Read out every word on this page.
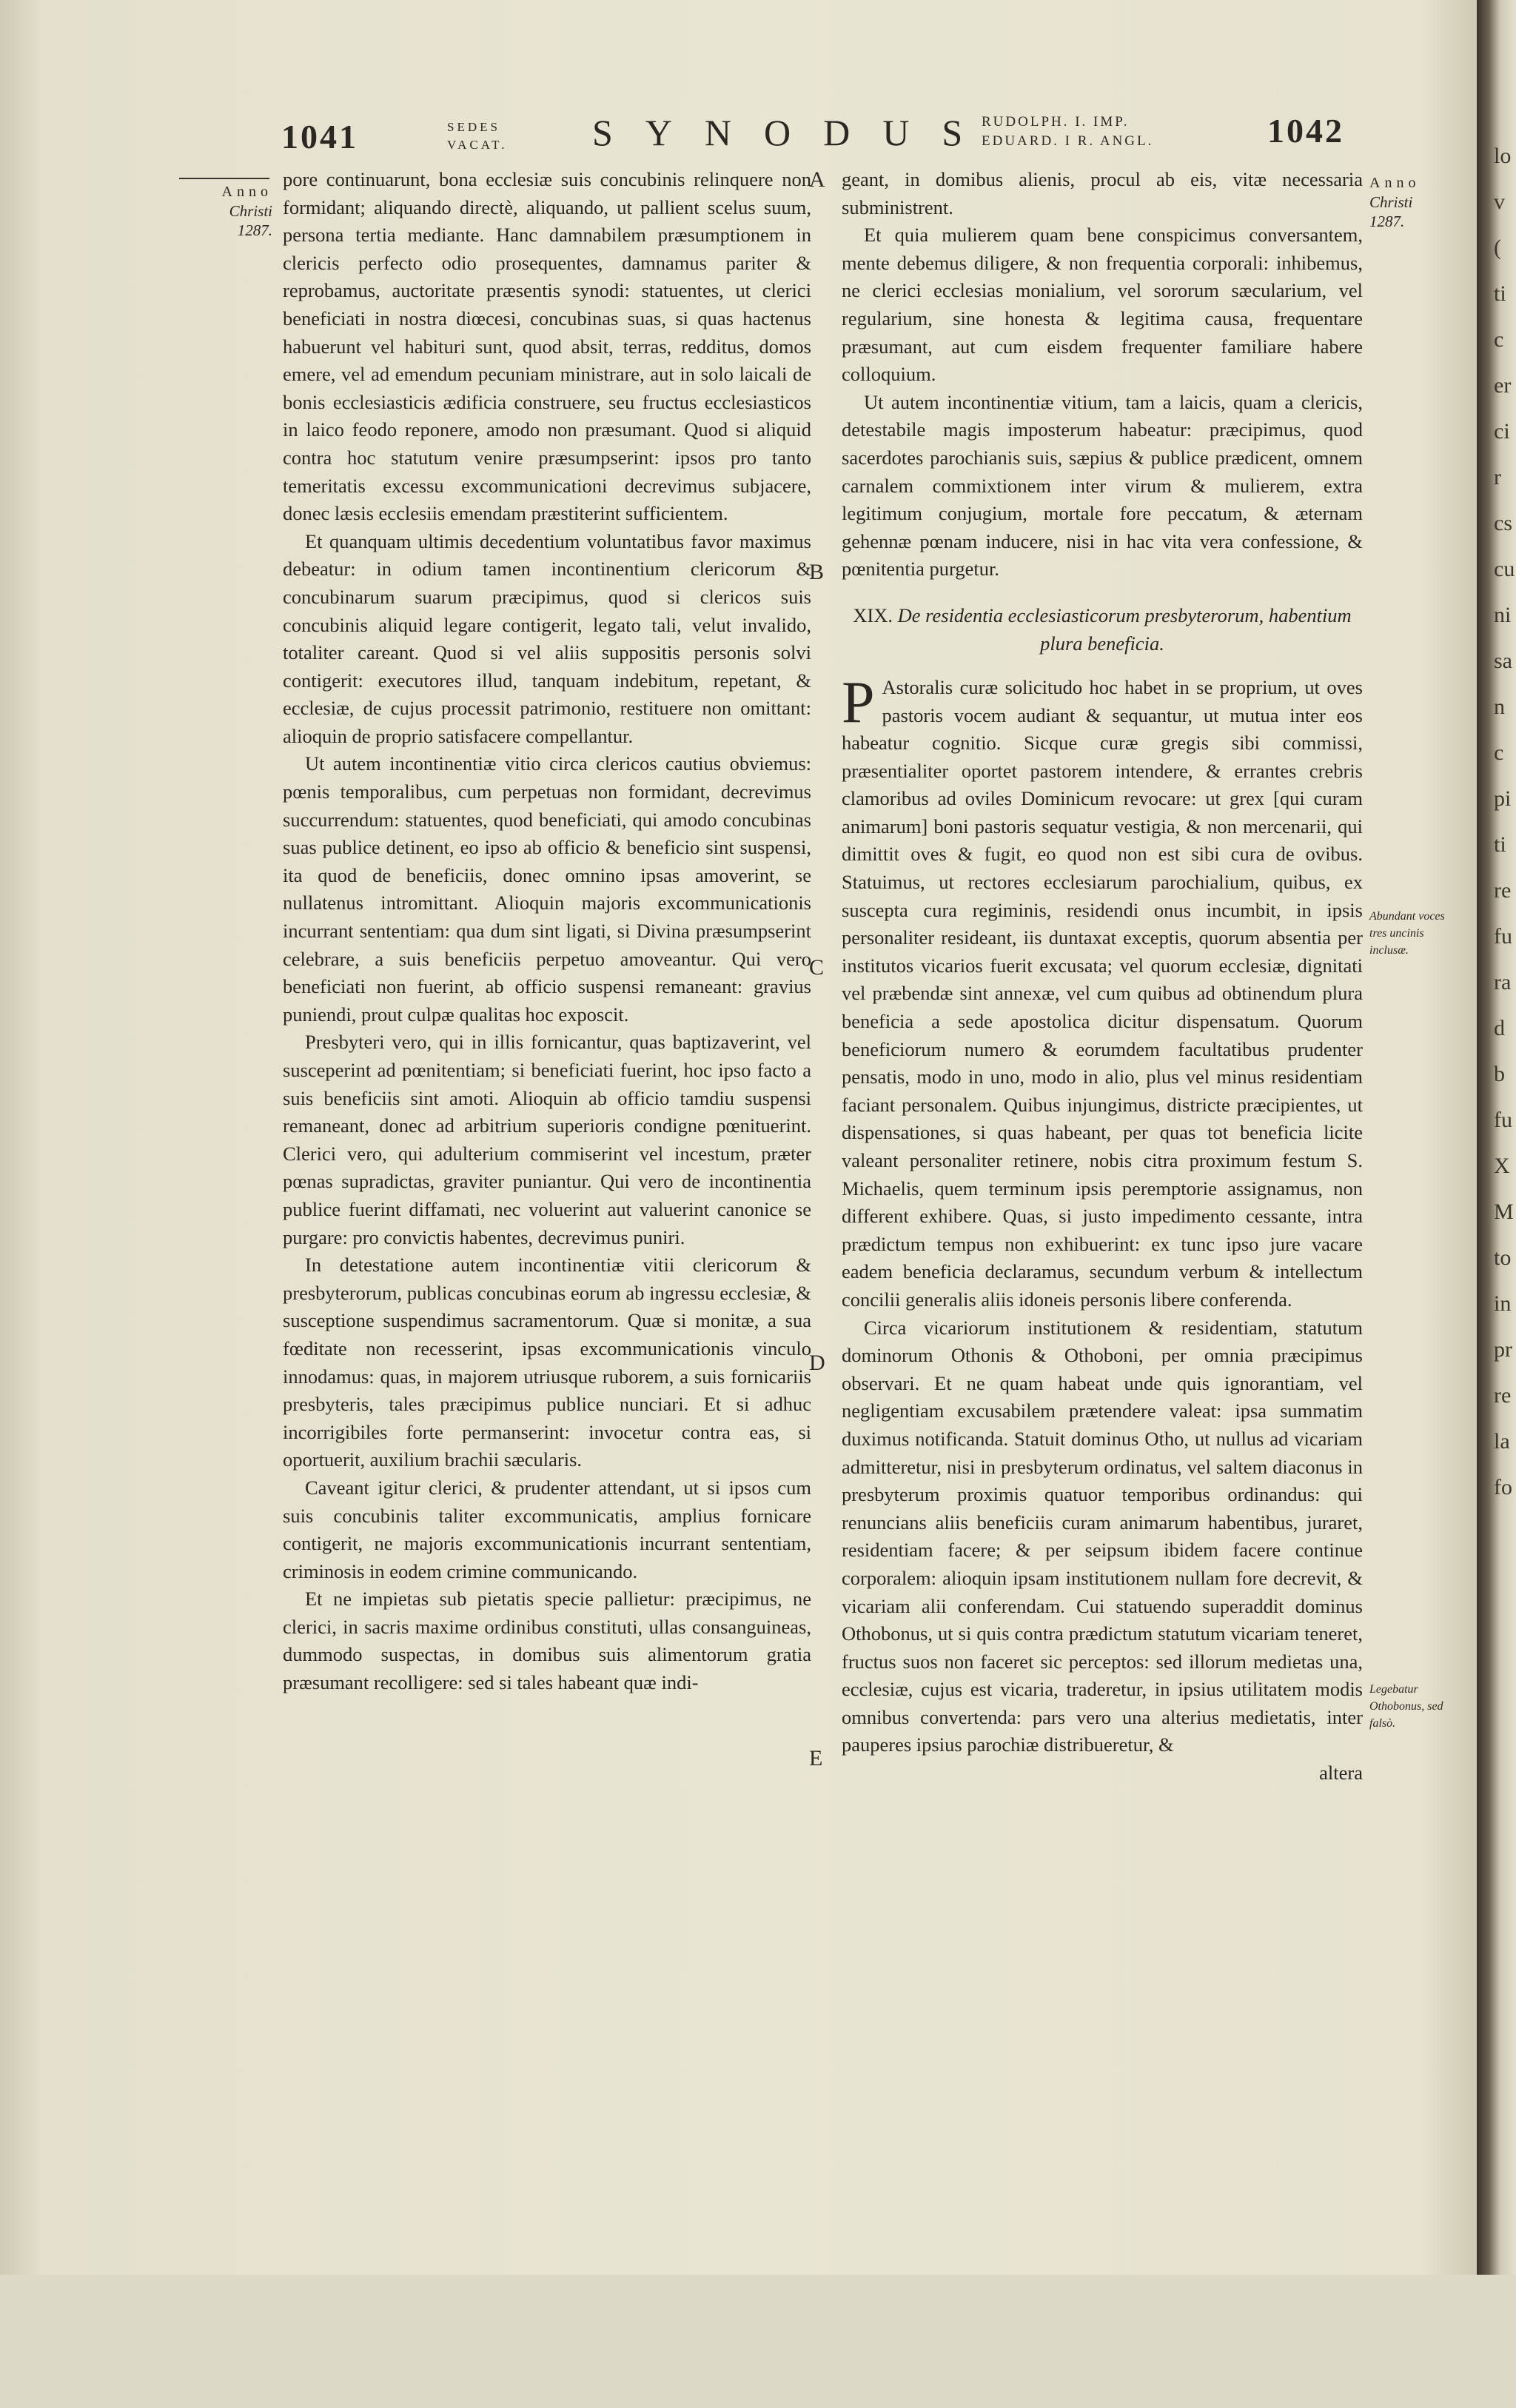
1041	SEDES
VACAT. SYNODUS
RUDOLPH. I. IMP.
EDUARD. I R. ANGL.	1042
Anno
Christi
1287.
Anno
Christi
1287.
Abundant voces tres uncinis inclusæ.
Legebatur Othobonus, sed falsò.
A
B
C
D
E

pore continuarunt, bona ecclesiæ suis concubinis relinquere non formidant; aliquando directè, aliquando, ut pallient scelus suum, persona tertia mediante. Hanc damnabilem præsumptionem in clericis perfecto odio prosequentes, damnamus pariter & reprobamus, auctoritate præsentis synodi: statuentes, ut clerici beneficiati in nostra diœcesi, concubinas suas, si quas hactenus habuerunt vel habituri sunt, quod absit, terras, redditus, domos emere, vel ad emendum pecuniam ministrare, aut in solo laicali de bonis ecclesiasticis ædificia construere, seu fructus ecclesiasticos in laico feodo reponere, amodo non præsumant. Quod si aliquid contra hoc statutum venire præsumpserint: ipsos pro tanto temeritatis excessu excommunicationi decrevimus subjacere, donec læsis ecclesiis emendam præstiterint sufficientem.

Et quanquam ultimis decedentium voluntatibus favor maximus debeatur: in odium tamen incontinentium clericorum & concubinarum suarum præcipimus, quod si clericos suis concubinis aliquid legare contigerit, legato tali, velut invalido, totaliter careant. Quod si vel aliis suppositis personis solvi contigerit: executores illud, tanquam indebitum, repetant, & ecclesiæ, de cujus processit patrimonio, restituere non omittant: alioquin de proprio satisfacere compellantur.

Ut autem incontinentiæ vitio circa clericos cautius obviemus: pœnis temporalibus, cum perpetuas non formidant, decrevimus succurrendum: statuentes, quod beneficiati, qui amodo concubinas suas publice detinent, eo ipso ab officio & beneficio sint suspensi, ita quod de beneficiis, donec omnino ipsas amoverint, se nullatenus intromittant. Alioquin majoris excommunicationis incurrant sententiam: qua dum sint ligati, si Divina præsumpserint celebrare, a suis beneficiis perpetuo amoveantur. Qui vero beneficiati non fuerint, ab officio suspensi remaneant: gravius puniendi, prout culpæ qualitas hoc exposcit.

Presbyteri vero, qui in illis fornicantur, quas baptizaverint, vel susceperint ad pœnitentiam; si beneficiati fuerint, hoc ipso facto a suis beneficiis sint amoti. Alioquin ab officio tamdiu suspensi remaneant, donec ad arbitrium superioris condigne pœnituerint. Clerici vero, qui adulterium commiserint vel incestum, præter pœnas supradictas, graviter puniantur. Qui vero de incontinentia publice fuerint diffamati, nec voluerint aut valuerint canonice se purgare: pro convictis habentes, decrevimus puniri.

In detestatione autem incontinentiæ vitii clericorum & presbyterorum, publicas concubinas eorum ab ingressu ecclesiæ, & susceptione suspendimus sacramentorum. Quæ si monitæ, a sua fœditate non recesserint, ipsas excommunicationis vinculo innodamus: quas, in majorem utriusque ruborem, a suis fornicariis presbyteris, tales præcipimus publice nunciari. Et si adhuc incorrigibiles forte permanserint: invocetur contra eas, si oportuerit, auxilium brachii sæcularis.

Caveant igitur clerici, & prudenter attendant, ut si ipsos cum suis concubinis taliter excommunicatis, amplius fornicare contigerit, ne majoris excommunicationis incurrant sententiam, criminosis in eodem crimine communicando.

Et ne impietas sub pietatis specie pallietur: præcipimus, ne clerici, in sacris maxime ordinibus constituti, ullas consanguineas, dummodo suspectas, in domibus suis alimentorum gratia præsumant recolligere: sed si tales habeant quæ indi-

geant, in domibus alienis, procul ab eis, vitæ necessaria subministrent.

Et quia mulierem quam bene conspicimus conversantem, mente debemus diligere, & non frequentia corporali: inhibemus, ne clerici ecclesias monialium, vel sororum sæcularium, vel regularium, sine honesta & legitima causa, frequentare præsumant, aut cum eisdem frequenter familiare habere colloquium.

Ut autem incontinentiæ vitium, tam a laicis, quam a clericis, detestabile magis imposterum habeatur: præcipimus, quod sacerdotes parochianis suis, sæpius & publice prædicent, omnem carnalem commixtionem inter virum & mulierem, extra legitimum conjugium, mortale fore peccatum, & æternam gehennæ pœnam inducere, nisi in hac vita vera confessione, & pœnitentia purgetur.

XIX. De residentia ecclesiasticorum presbyterorum, habentium plura beneficia.

P Astoralis curæ solicitudo hoc habet in se proprium, ut oves pastoris vocem audiant & sequantur, ut mutua inter eos habeatur cognitio. Sicque curæ gregis sibi commissi, præsentialiter oportet pastorem intendere, & errantes crebris clamoribus ad oviles Dominicum revocare: ut grex [qui curam animarum] boni pastoris sequatur vestigia, & non mercenarii, qui dimittit oves & fugit, eo quod non est sibi cura de ovibus. Statuimus, ut rectores ecclesiarum parochialium, quibus, ex suscepta cura regiminis, residendi onus incumbit, in ipsis personaliter resideant, iis duntaxat exceptis, quorum absentia per institutos vicarios fuerit excusata; vel quorum ecclesiæ, dignitati vel præbendæ sint annexæ, vel cum quibus ad obtinendum plura beneficia a sede apostolica dicitur dispensatum. Quorum beneficiorum numero & eorumdem facultatibus prudenter pensatis, modo in uno, modo in alio, plus vel minus residentiam faciant personalem. Quibus injungimus, districte præcipientes, ut dispensationes, si quas habeant, per quas tot beneficia licite valeant personaliter retinere, nobis citra proximum festum S. Michaelis, quem terminum ipsis peremptorie assignamus, non different exhibere. Quas, si justo impedimento cessante, intra prædictum tempus non exhibuerint: ex tunc ipso jure vacare eadem beneficia declaramus, secundum verbum & intellectum concilii generalis aliis idoneis personis libere conferenda.

Circa vicariorum institutionem & residentiam, statutum dominorum Othonis & Othoboni, per omnia præcipimus observari. Et ne quam habeat unde quis ignorantiam, vel negligentiam excusabilem prætendere valeat: ipsa summatim duximus notificanda. Statuit dominus Otho, ut nullus ad vicariam admitteretur, nisi in presbyterum ordinatus, vel saltem diaconus in presbyterum proximis quatuor temporibus ordinandus: qui renuncians aliis beneficiis curam animarum habentibus, juraret, residentiam facere; & per seipsum ibidem facere continue corporalem: alioquin ipsam institutionem nullam fore decrevit, & vicariam alii conferendam. Cui statuendo superaddit dominus Othobonus, ut si quis contra prædictum statutum vicariam teneret, fructus suos non faceret sic perceptos: sed illorum medietas una, ecclesiæ, cujus est vicaria, traderetur, in ipsius utilitatem modis omnibus convertenda: pars vero una alterius medietatis, inter pauperes ipsius parochiæ distribueretur, &

altera
lo
v
(
ti
c
er
ci
r
cs
cu
ni
sa
n
c
pi
ti
re
fu
ra
d
b
fu
X
M
to
in
pr
re
la
fo
